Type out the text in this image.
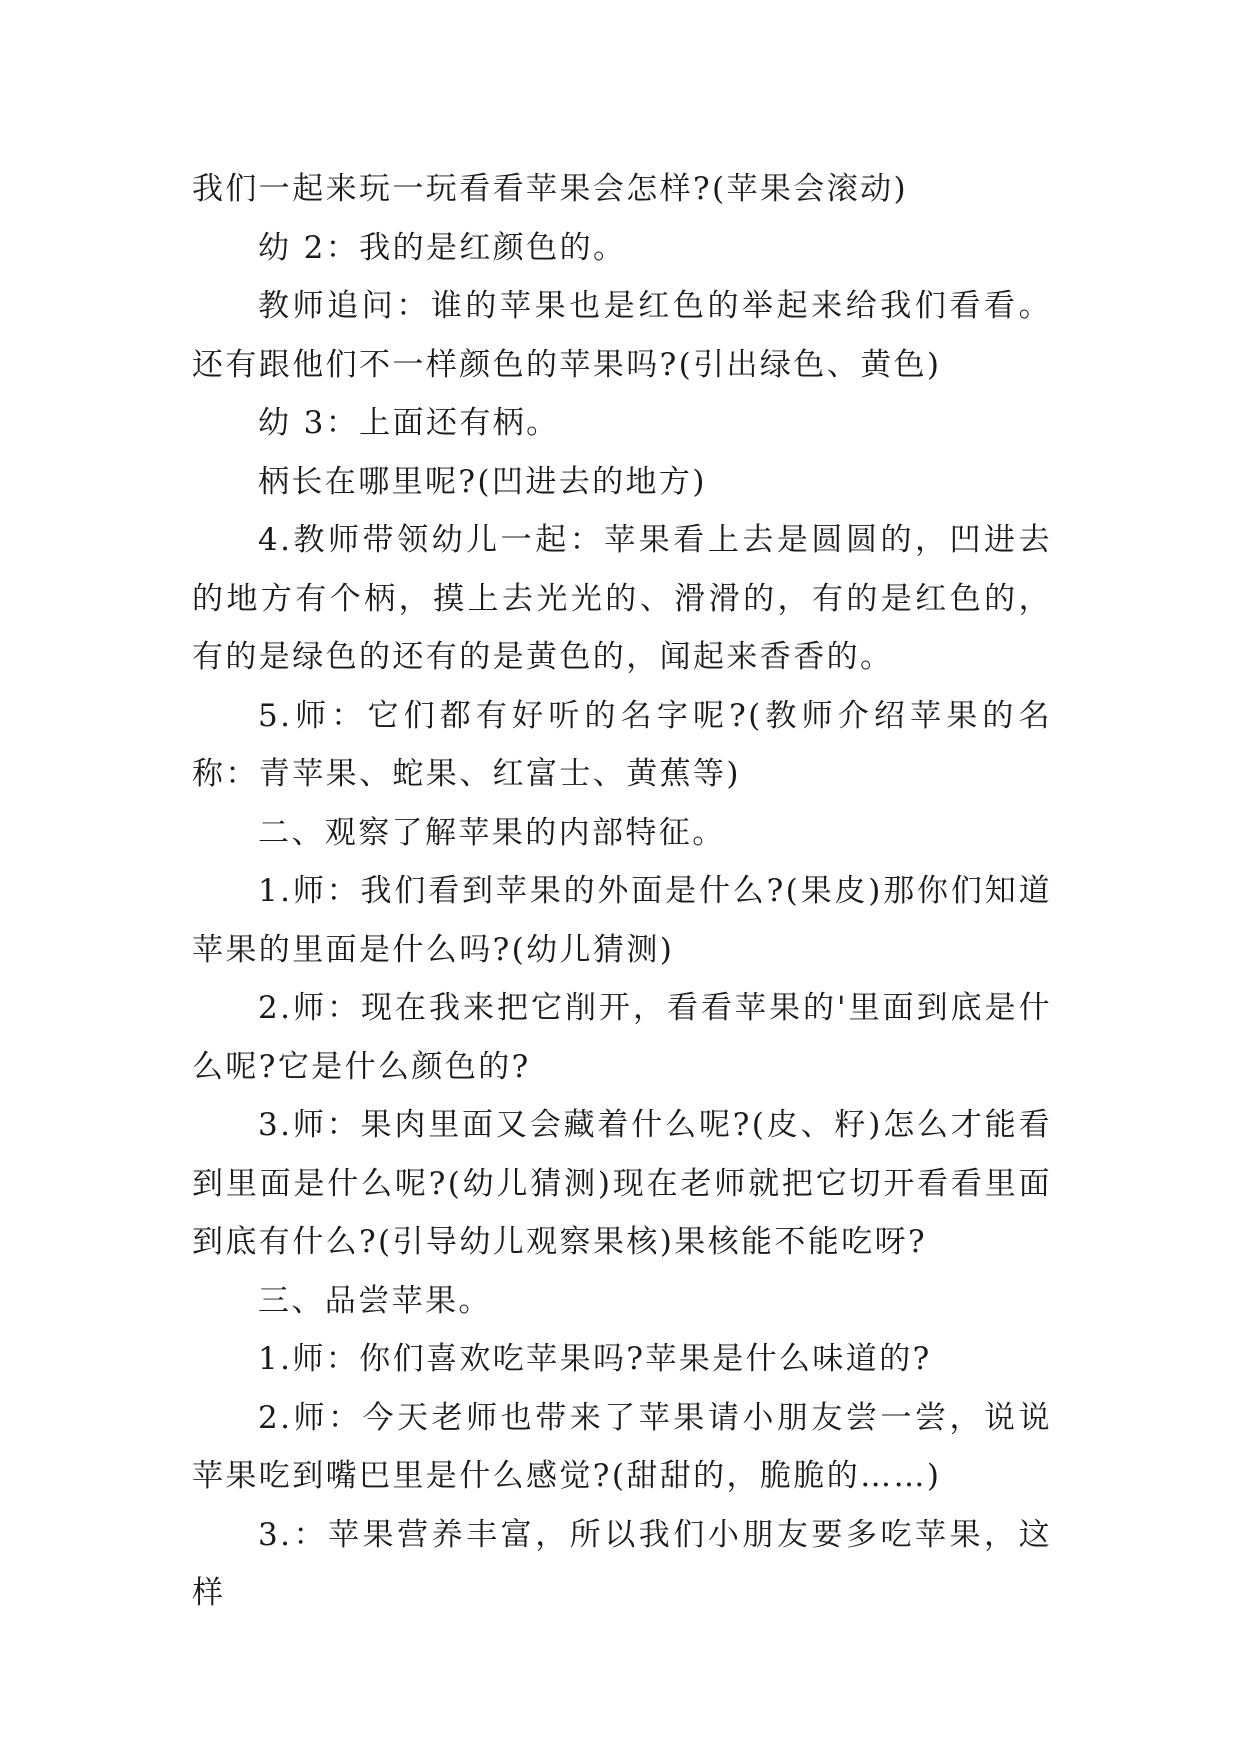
我们一起来玩一玩看看苹果会怎样?(苹果会滚动)

幼 2：我的是红颜色的。

教师追问：谁的苹果也是红色的举起来给我们看看。还有跟他们不一样颜色的苹果吗?(引出绿色、黄色)

幼 3：上面还有柄。

柄长在哪里呢?(凹进去的地方)

4.教师带领幼儿一起：苹果看上去是圆圆的，凹进去的地方有个柄，摸上去光光的、滑滑的，有的是红色的，有的是绿色的还有的是黄色的，闻起来香香的。

5.师：它们都有好听的名字呢?(教师介绍苹果的名称：青苹果、蛇果、红富士、黄蕉等)

二、观察了解苹果的内部特征。

1.师：我们看到苹果的外面是什么?(果皮)那你们知道苹果的里面是什么吗?(幼儿猜测)

2.师：现在我来把它削开，看看苹果的'里面到底是什么呢?它是什么颜色的?

3.师：果肉里面又会藏着什么呢?(皮、籽)怎么才能看到里面是什么呢?(幼儿猜测)现在老师就把它切开看看里面到底有什么?(引导幼儿观察果核)果核能不能吃呀?

三、品尝苹果。

1.师：你们喜欢吃苹果吗?苹果是什么味道的?

2.师：今天老师也带来了苹果请小朋友尝一尝，说说苹果吃到嘴巴里是什么感觉?(甜甜的，脆脆的……)

3.：苹果营养丰富，所以我们小朋友要多吃苹果，这样
